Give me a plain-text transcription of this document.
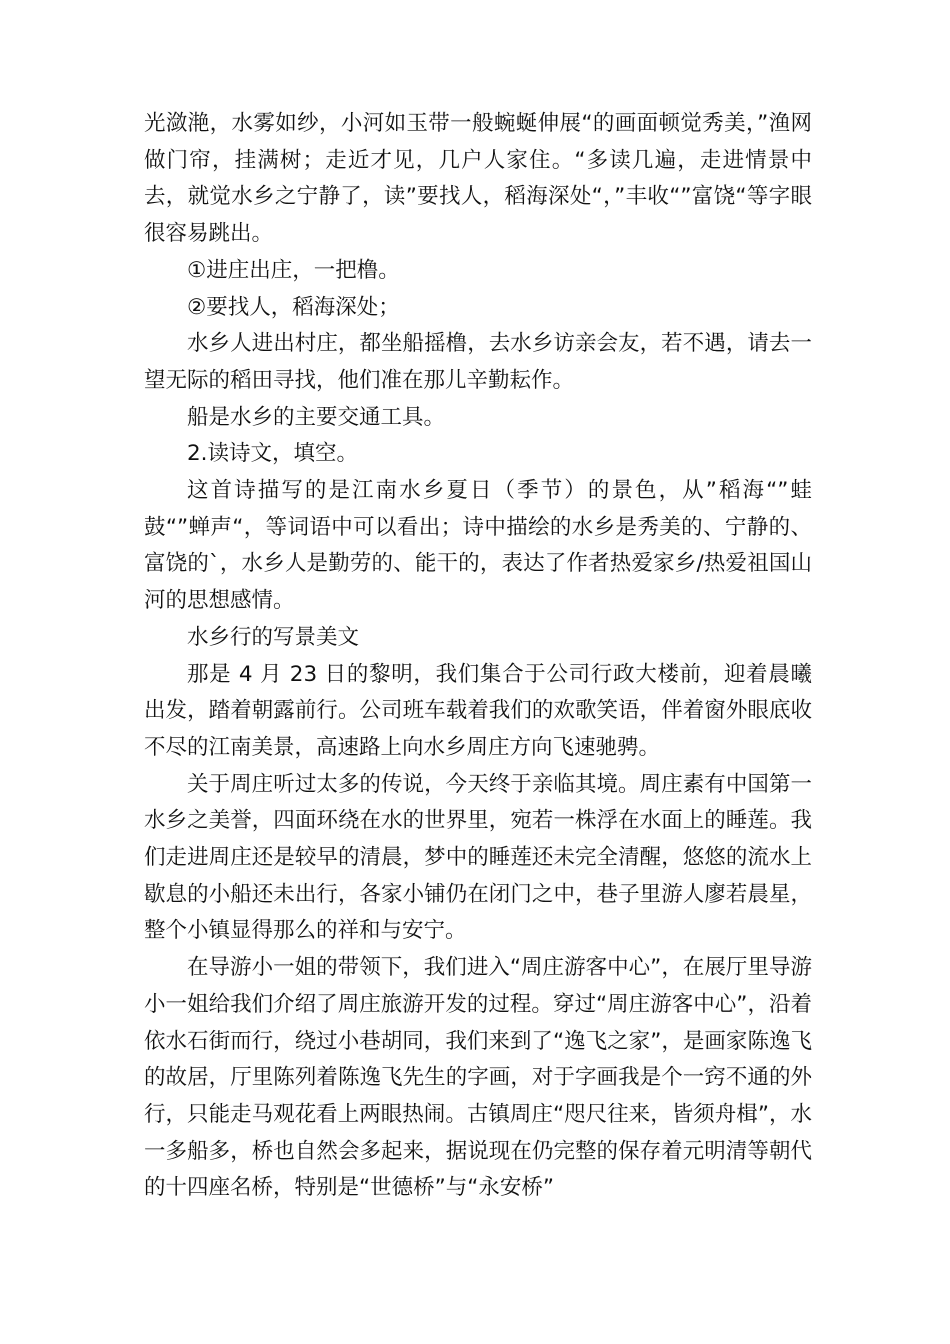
光潋滟，水雾如纱，小河如玉带一般蜿蜒伸展“的画面顿觉秀美，”渔网做门帘，挂满树；走近才见，几户人家住。“多读几遍，走进情景中去，就觉水乡之宁静了，读”要找人，稻海深处“，”丰收“”富饶“等字眼很容易跳出。

①进庄出庄，一把橹。

②要找人，稻海深处；

水乡人进出村庄，都坐船摇橹，去水乡访亲会友，若不遇，请去一望无际的稻田寻找，他们准在那儿辛勤耘作。

船是水乡的主要交通工具。

2.读诗文，填空。

这首诗描写的是江南水乡夏日（季节）的景色，从”稻海“”蛙鼓“”蝉声“，等词语中可以看出；诗中描绘的水乡是秀美的、宁静的、富饶的`，水乡人是勤劳的、能干的，表达了作者热爱家乡/热爱祖国山河的思想感情。

水乡行的写景美文

那是 4 月 23 日的黎明，我们集合于公司行政大楼前，迎着晨曦出发，踏着朝露前行。公司班车载着我们的欢歌笑语，伴着窗外眼底收不尽的江南美景，高速路上向水乡周庄方向飞速驰骋。

关于周庄听过太多的传说，今天终于亲临其境。周庄素有中国第一水乡之美誉，四面环绕在水的世界里，宛若一株浮在水面上的睡莲。我们走进周庄还是较早的清晨，梦中的睡莲还未完全清醒，悠悠的流水上歇息的小船还未出行，各家小铺仍在闭门之中，巷子里游人廖若晨星，整个小镇显得那么的祥和与安宁。

在导游小一姐的带领下，我们进入“周庄游客中心”，在展厅里导游小一姐给我们介绍了周庄旅游开发的过程。穿过“周庄游客中心”，沿着依水石街而行，绕过小巷胡同，我们来到了“逸飞之家”，是画家陈逸飞的故居，厅里陈列着陈逸飞先生的字画，对于字画我是个一窍不通的外行，只能走马观花看上两眼热闹。古镇周庄“咫尺往来，皆须舟楫”，水一多船多，桥也自然会多起来，据说现在仍完整的保存着元明清等朝代的十四座名桥，特别是“世德桥”与“永安桥”
